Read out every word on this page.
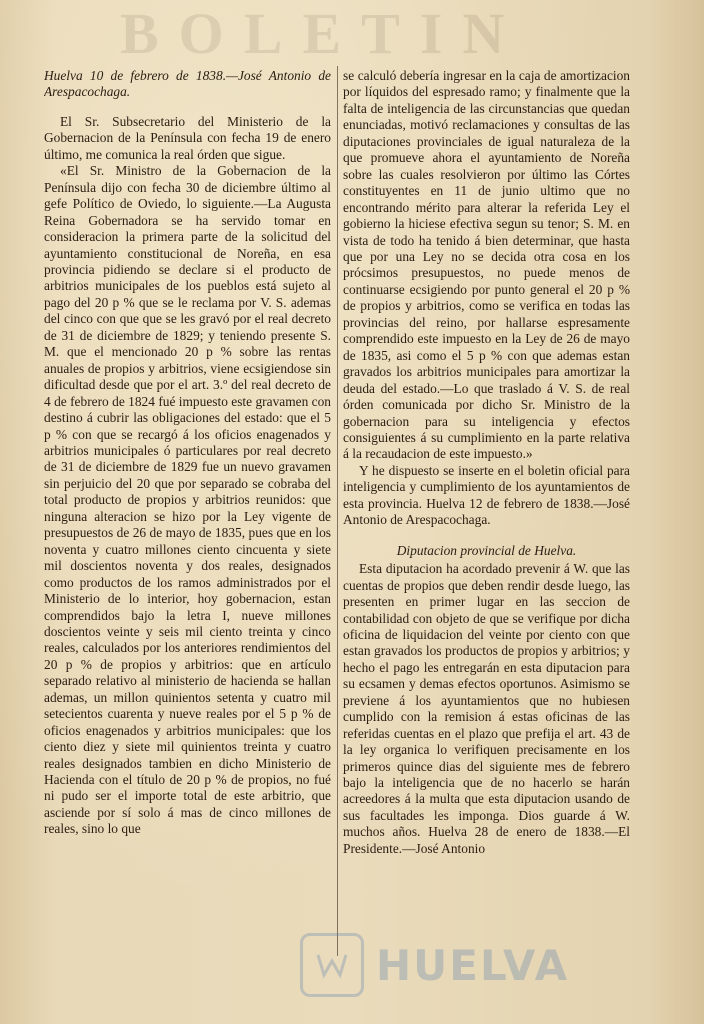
BOLETIN

Huelva 10 de febrero de 1838.—José Antonio de Arespacochaga.

El Sr. Subsecretario del Ministerio de la Gobernacion de la Península con fecha 19 de enero último, me comunica la real órden que sigue.

«El Sr. Ministro de la Gobernacion de la Península dijo con fecha 30 de diciembre último al gefe Político de Oviedo, lo siguiente.—La Augusta Reina Gobernadora se ha servido tomar en consideracion la primera parte de la solicitud del ayuntamiento constitucional de Noreña, en esa provincia pidiendo se declare si el producto de arbitrios municipales de los pueblos está sujeto al pago del 20 p % que se le reclama por V. S. ademas del cinco con que que se les gravó por el real decreto de 31 de diciembre de 1829; y teniendo presente S. M. que el mencionado 20 p % sobre las rentas anuales de propios y arbitrios, viene ecsigiendose sin dificultad desde que por el art. 3.º del real decreto de 4 de febrero de 1824 fué impuesto este gravamen con destino á cubrir las obligaciones del estado: que el 5 p % con que se recargó á los oficios enagenados y arbitrios municipales ó particulares por real decreto de 31 de diciembre de 1829 fue un nuevo gravamen sin perjuicio del 20 que por separado se cobraba del total producto de propios y arbitrios reunidos: que ninguna alteracion se hizo por la Ley vigente de presupuestos de 26 de mayo de 1835, pues que en los noventa y cuatro millones ciento cincuenta y siete mil doscientos noventa y dos reales, designados como productos de los ramos administrados por el Ministerio de lo interior, hoy gobernacion, estan comprendidos bajo la letra I, nueve millones doscientos veinte y seis mil ciento treinta y cinco reales, calculados por los anteriores rendimientos del 20 p % de propios y arbitrios: que en artículo separado relativo al ministerio de hacienda se hallan ademas, un millon quinientos setenta y cuatro mil setecientos cuarenta y nueve reales por el 5 p % de oficios enagenados y arbitrios municipales: que los ciento diez y siete mil quinientos treinta y cuatro reales designados tambien en dicho Ministerio de Hacienda con el título de 20 p % de propios, no fué ni pudo ser el importe total de este arbitrio, que asciende por sí solo á mas de cinco millones de reales, sino lo que

se calculó debería ingresar en la caja de amortizacion por líquidos del espresado ramo; y finalmente que la falta de inteligencia de las circunstancias que quedan enunciadas, motivó reclamaciones y consultas de las diputaciones provinciales de igual naturaleza de la que promueve ahora el ayuntamiento de Noreña sobre las cuales resolvieron por último las Córtes constituyentes en 11 de junio ultimo que no encontrando mérito para alterar la referida Ley el gobierno la hiciese efectiva segun su tenor; S. M. en vista de todo ha tenido á bien determinar, que hasta que por una Ley no se decida otra cosa en los prócsimos presupuestos, no puede menos de continuarse ecsigiendo por punto general el 20 p % de propios y arbitrios, como se verifica en todas las provincias del reino, por hallarse espresamente comprendido este impuesto en la Ley de 26 de mayo de 1835, asi como el 5 p % con que ademas estan gravados los arbitrios municipales para amortizar la deuda del estado.—Lo que traslado á V. S. de real órden comunicada por dicho Sr. Ministro de la gobernacion para su inteligencia y efectos consiguientes á su cumplimiento en la parte relativa á la recaudacion de este impuesto.»

Y he dispuesto se inserte en el boletin oficial para inteligencia y cumplimiento de los ayuntamientos de esta provincia. Huelva 12 de febrero de 1838.—José Antonio de Arespacochaga.

Diputacion provincial de Huelva.

Esta diputacion ha acordado prevenir á W. que las cuentas de propios que deben rendir desde luego, las presenten en primer lugar en las seccion de contabilidad con objeto de que se verifique por dicha oficina de liquidacion del veinte por ciento con que estan gravados los productos de propios y arbitrios; y hecho el pago les entregarán en esta diputacion para su ecsamen y demas efectos oportunos. Asimismo se previene á los ayuntamientos que no hubiesen cumplido con la remision á estas oficinas de las referidas cuentas en el plazo que prefija el art. 43 de la ley organica lo verifiquen precisamente en los primeros quince dias del siguiente mes de febrero bajo la inteligencia que de no hacerlo se harán acreedores á la multa que esta diputacion usando de sus facultades les imponga. Dios guarde á W. muchos años. Huelva 28 de enero de 1838.—El Presidente.—José Antonio

HUELVA
